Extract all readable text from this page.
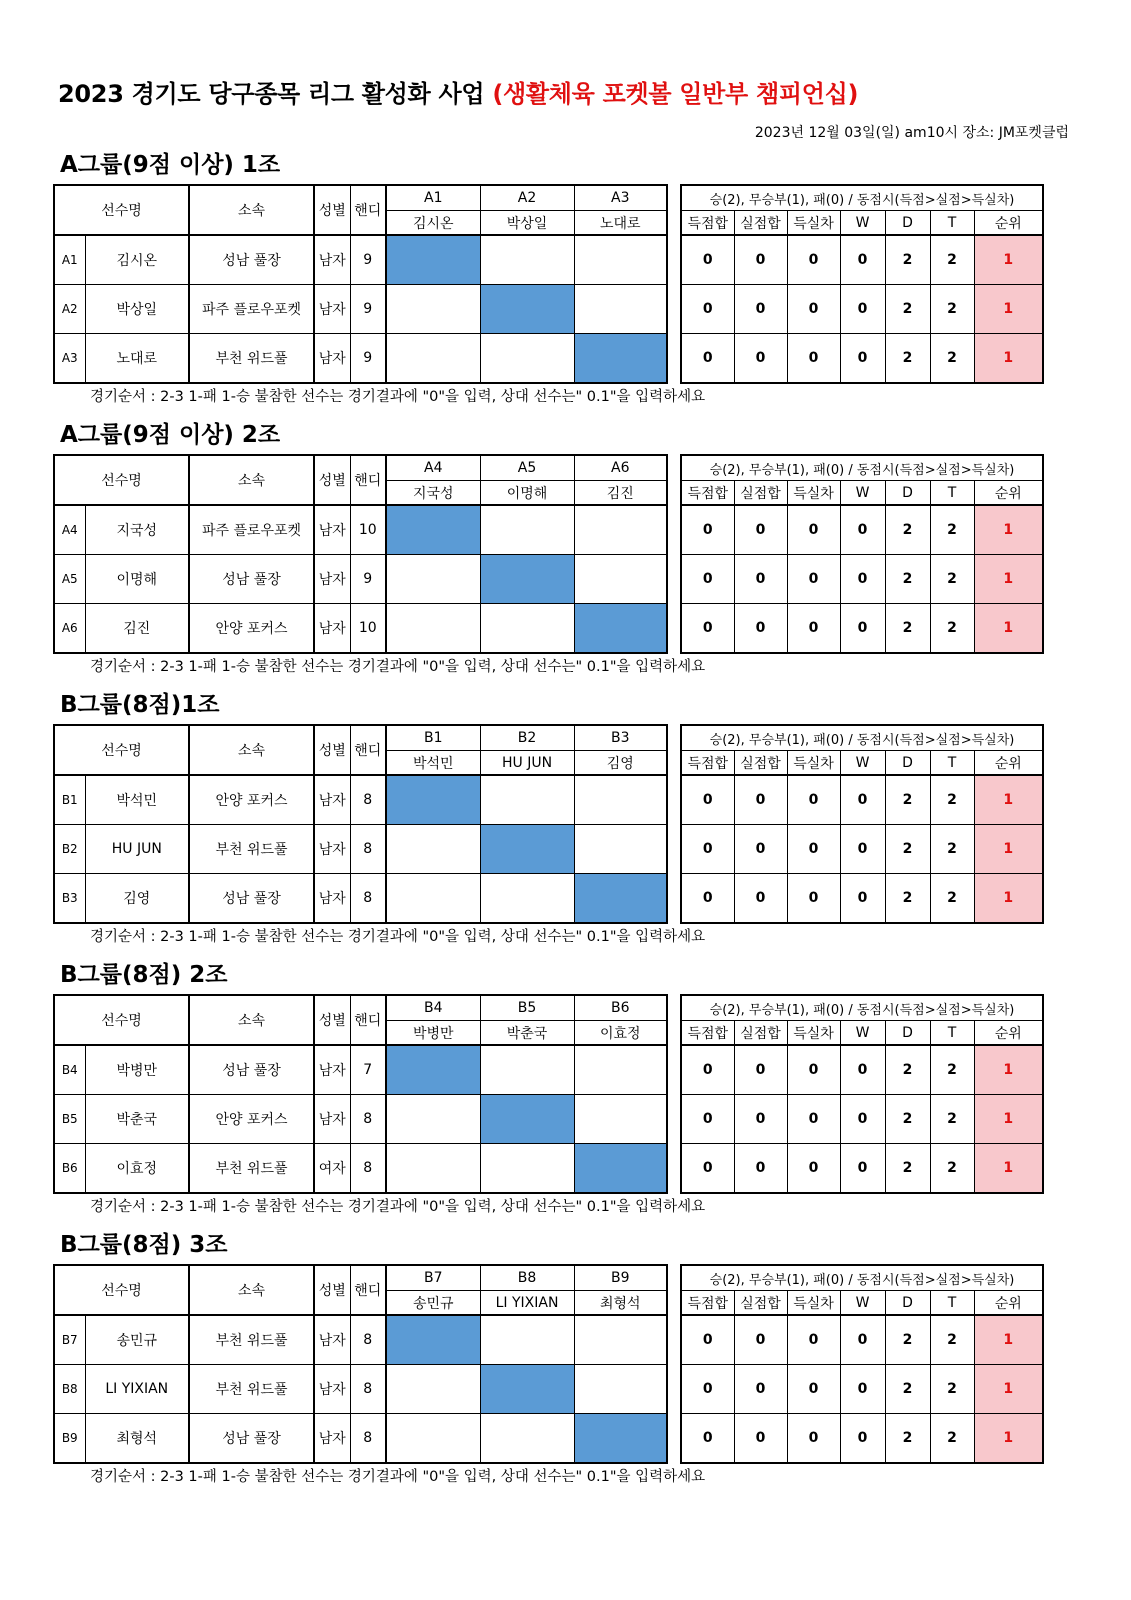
2023 경기도 당구종목 리그 활성화 사업 (생활체육 포켓볼 일반부 챔피언십)
2023년 12월 03일(일) am10시 장소: JM포켓클럽
A그룹(9점 이상) 1조
선수명		소속	성별	핸디	A1	A2	A3
					김시온	박상일	노대로
A1	김시온	성남 풀장	남자	9			
A2	박상일	파주 플로우포켓	남자	9			
A3	노대로	부천 위드풀	남자	9			
승(2), 무승부(1), 패(0) / 동점시(득점>실점>득실차)						
득점합	실점합	득실차	W	D	T	순위
0	0	0	0	2	2	1
0	0	0	0	2	2	1
0	0	0	0	2	2	1
경기순서 : 2-3 1-패 1-승 불참한 선수는 경기결과에 "0"을 입력, 상대 선수는" 0.1"을 입력하세요
A그룹(9점 이상) 2조
선수명		소속	성별	핸디	A4	A5	A6
					지국성	이명해	김진
A4	지국성	파주 플로우포켓	남자	10			
A5	이명해	성남 풀장	남자	9			
A6	김진	안양 포커스	남자	10			
승(2), 무승부(1), 패(0) / 동점시(득점>실점>득실차)						
득점합	실점합	득실차	W	D	T	순위
0	0	0	0	2	2	1
0	0	0	0	2	2	1
0	0	0	0	2	2	1
경기순서 : 2-3 1-패 1-승 불참한 선수는 경기결과에 "0"을 입력, 상대 선수는" 0.1"을 입력하세요
B그룹(8점)1조
선수명		소속	성별	핸디	B1	B2	B3
					박석민	HU JUN	김영
B1	박석민	안양 포커스	남자	8			
B2	HU JUN	부천 위드풀	남자	8			
B3	김영	성남 풀장	남자	8			
승(2), 무승부(1), 패(0) / 동점시(득점>실점>득실차)						
득점합	실점합	득실차	W	D	T	순위
0	0	0	0	2	2	1
0	0	0	0	2	2	1
0	0	0	0	2	2	1
경기순서 : 2-3 1-패 1-승 불참한 선수는 경기결과에 "0"을 입력, 상대 선수는" 0.1"을 입력하세요
B그룹(8점) 2조
선수명		소속	성별	핸디	B4	B5	B6
					박병만	박춘국	이효정
B4	박병만	성남 풀장	남자	7			
B5	박춘국	안양 포커스	남자	8			
B6	이효정	부천 위드풀	여자	8			
승(2), 무승부(1), 패(0) / 동점시(득점>실점>득실차)						
득점합	실점합	득실차	W	D	T	순위
0	0	0	0	2	2	1
0	0	0	0	2	2	1
0	0	0	0	2	2	1
경기순서 : 2-3 1-패 1-승 불참한 선수는 경기결과에 "0"을 입력, 상대 선수는" 0.1"을 입력하세요
B그룹(8점) 3조
선수명		소속	성별	핸디	B7	B8	B9
					송민규	LI YIXIAN	최형석
B7	송민규	부천 위드풀	남자	8			
B8	LI YIXIAN	부천 위드풀	남자	8			
B9	최형석	성남 풀장	남자	8			
승(2), 무승부(1), 패(0) / 동점시(득점>실점>득실차)						
득점합	실점합	득실차	W	D	T	순위
0	0	0	0	2	2	1
0	0	0	0	2	2	1
0	0	0	0	2	2	1
경기순서 : 2-3 1-패 1-승 불참한 선수는 경기결과에 "0"을 입력, 상대 선수는" 0.1"을 입력하세요
